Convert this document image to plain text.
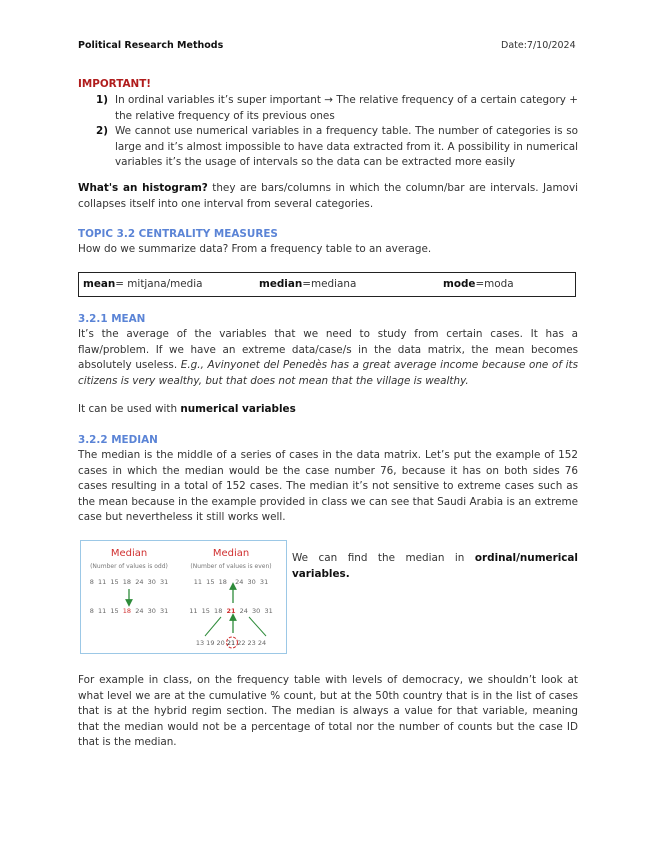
Political Research Methods	Date:7/10/2024
IMPORTANT!
1) In ordinal variables it’s super important → The relative frequency of a certain category + the relative frequency of its previous ones
2) We cannot use numerical variables in a frequency table. The number of categories is so large and it’s almost impossible to have data extracted from it. A possibility in numerical variables it’s the usage of intervals so the data can be extracted more easily
What's an histogram? they are bars/columns in which the column/bar are intervals. Jamovi collapses itself into one interval from several categories.
TOPIC 3.2 CENTRALITY MEASURES
How do we summarize data? From a frequency table to an average.
mean= mitjana/media	median=mediana	mode=moda
3.2.1 MEAN
It’s the average of the variables that we need to study from certain cases. It has a flaw/problem. If we have an extreme data/case/s in the data matrix, the mean becomes absolutely useless. E.g., Avinyonet del Penedès has a great average income because one of its citizens is very wealthy, but that does not mean that the village is wealthy.
It can be used with numerical variables
3.2.2 MEDIAN
The median is the middle of a series of cases in the data matrix. Let’s put the example of 152 cases in which the median would be the case number 76, because it has on both sides 76 cases resulting in a total of 152 cases. The median it’s not sensitive to extreme cases such as the mean because in the example provided in class we can see that Saudi Arabia is an extreme case but nevertheless it still works well.
Median
(Number of values is odd)
8  11  15  18  24  30  31
8  11  15  18  24  30  31
Median
(Number of values is even)
11  15  18    24  30  31
11  15  18  21  24  30  31
13 19 20 21 22 23 24
We can find the median in ordinal/numerical variables.
For example in class, on the frequency table with levels of democracy, we shouldn’t look at what level we are at the cumulative % count, but at the 50th country that is in the list of cases that is at the hybrid regim section. The median is always a value for that variable, meaning that the median would not be a percentage of total nor the number of counts but the case ID that is the median.
